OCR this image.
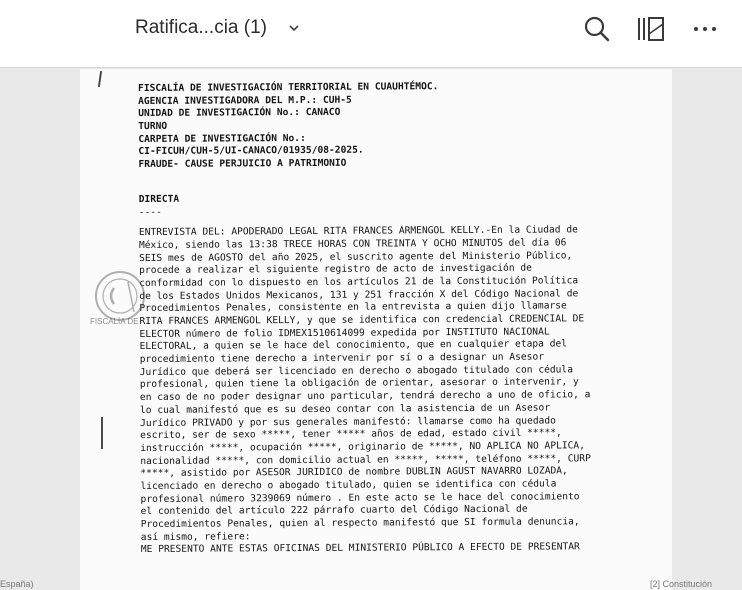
Ratifica...cia (1)
FISCALÍA DE INVESTIGACIÓN TERRITORIAL EN CUAUHTÉMOC.
AGENCIA INVESTIGADORA DEL M.P.: CUH-5
UNIDAD DE INVESTIGACIÓN No.: CANACO
TURNO
CARPETA DE INVESTIGACIÓN No.:
CI-FICUH/CUH-5/UI-CANACO/01935/08-2025.
FRAUDE- CAUSE PERJUICIO A PATRIMONIO
DIRECTA
----
ENTREVISTA DEL: APODERADO LEGAL RITA FRANCES ARMENGOL KELLY.-En la Ciudad de
México, siendo las 13:38 TRECE HORAS CON TREINTA Y OCHO MINUTOS del día 06
SEIS mes de AGOSTO del año 2025, el suscrito agente del Ministerio Público,
procede a realizar el siguiente registro de acto de investigación de
conformidad con lo dispuesto en los artículos 21 de la Constitución Política
de los Estados Unidos Mexicanos, 131 y 251 fracción X del Código Nacional de
Procedimientos Penales, consistente en la entrevista a quien dijo llamarse
RITA FRANCES ARMENGOL KELLY, y que se identifica con credencial CREDENCIAL DE
ELECTOR número de folio IDMEX1510614099 expedida por INSTITUTO NACIONAL
ELECTORAL, a quien se le hace del conocimiento, que en cualquier etapa del
procedimiento tiene derecho a intervenir por sí o a designar un Asesor
Jurídico que deberá ser licenciado en derecho o abogado titulado con cédula
profesional, quien tiene la obligación de orientar, asesorar o intervenir, y
en caso de no poder designar uno particular, tendrá derecho a uno de oficio, a
lo cual manifestó que es su deseo contar con la asistencia de un Asesor
Jurídico PRIVADO y por sus generales manifestó: llamarse como ha quedado
escrito, ser de sexo *****, tener ***** años de edad, estado civil *****,
instrucción *****, ocupación *****, originario de *****, NO APLICA NO APLICA,
nacionalidad *****, con domicilio actual en *****, *****, teléfono *****, CURP
*****, asistido por ASESOR JURIDICO de nombre DUBLIN AGUST NAVARRO LOZADA,
licenciado en derecho o abogado titulado, quien se identifica con cédula
profesional número 3239069 número . En este acto se le hace del conocimiento
el contenido del artículo 222 párrafo cuarto del Código Nacional de
Procedimientos Penales, quien al respecto manifestó que SI formula denuncia,
así mismo, refiere:
ME PRESENTO ANTE ESTAS OFICINAS DEL MINISTERIO PÚBLICO A EFECTO DE PRESENTAR
FISCALÍA DE
España)	[2] Constitución
